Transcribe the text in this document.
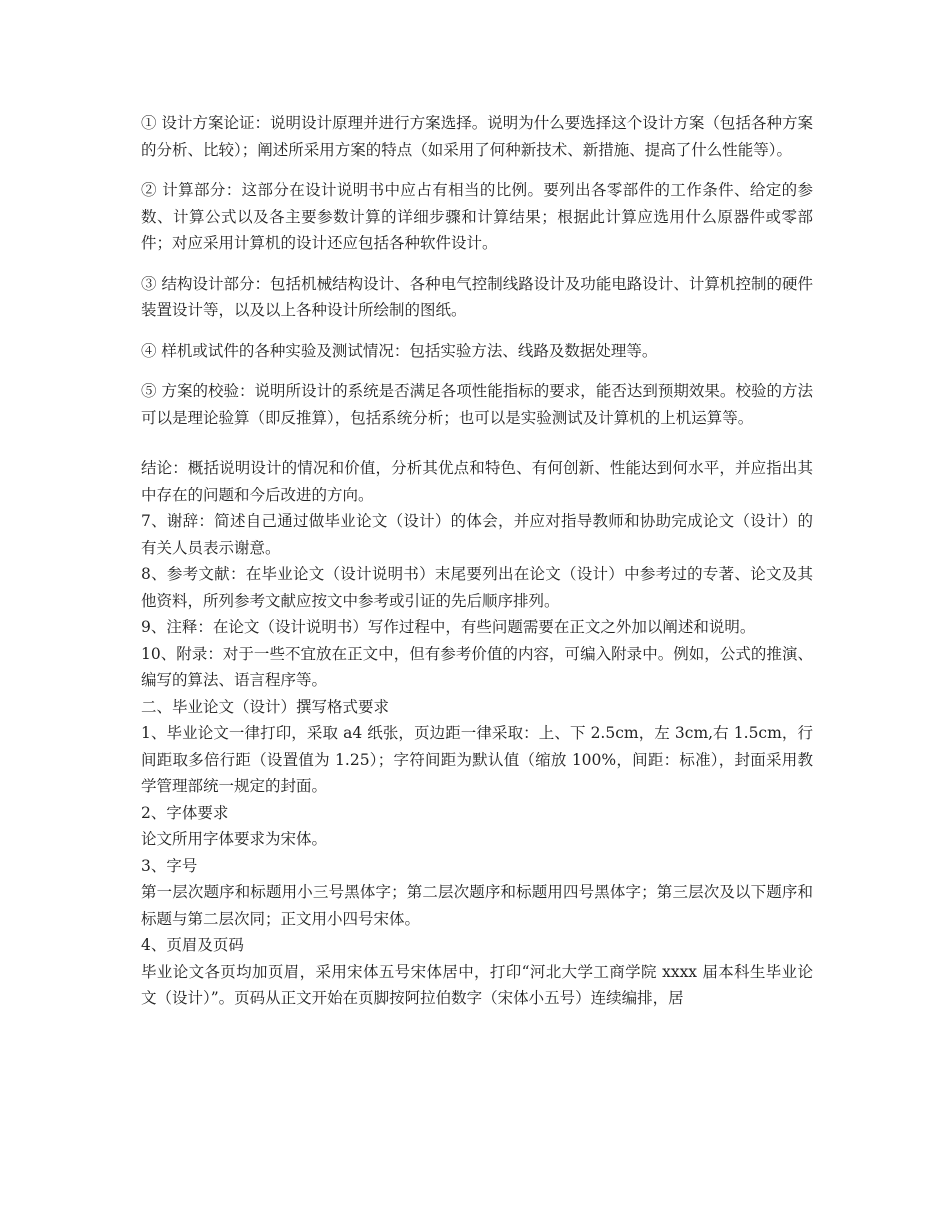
① 设计方案论证：说明设计原理并进行方案选择。说明为什么要选择这个设计方案（包括各种方案的分析、比较）；阐述所采用方案的特点（如采用了何种新技术、新措施、提高了什么性能等）。

② 计算部分：这部分在设计说明书中应占有相当的比例。要列出各零部件的工作条件、给定的参数、计算公式以及各主要参数计算的详细步骤和计算结果；根据此计算应选用什么原器件或零部件；对应采用计算机的设计还应包括各种软件设计。

③ 结构设计部分：包括机械结构设计、各种电气控制线路设计及功能电路设计、计算机控制的硬件装置设计等，以及以上各种设计所绘制的图纸。

④ 样机或试件的各种实验及测试情况：包括实验方法、线路及数据处理等。

⑤ 方案的校验：说明所设计的系统是否满足各项性能指标的要求，能否达到预期效果。校验的方法可以是理论验算（即反推算），包括系统分析；也可以是实验测试及计算机的上机运算等。

结论：概括说明设计的情况和价值，分析其优点和特色、有何创新、性能达到何水平，并应指出其中存在的问题和今后改进的方向。

7、谢辞：简述自己通过做毕业论文（设计）的体会，并应对指导教师和协助完成论文（设计）的有关人员表示谢意。

8、参考文献：在毕业论文（设计说明书）末尾要列出在论文（设计）中参考过的专著、论文及其他资料，所列参考文献应按文中参考或引证的先后顺序排列。

9、注释：在论文（设计说明书）写作过程中，有些问题需要在正文之外加以阐述和说明。

10、附录：对于一些不宜放在正文中，但有参考价值的内容，可编入附录中。例如，公式的推演、编写的算法、语言程序等。

二、毕业论文（设计）撰写格式要求

1、毕业论文一律打印，采取 a4 纸张，页边距一律采取：上、下 2.5cm，左 3cm,右 1.5cm，行间距取多倍行距（设置值为 1.25）；字符间距为默认值（缩放 100%，间距：标准），封面采用教学管理部统一规定的封面。

2、字体要求

论文所用字体要求为宋体。

3、字号

第一层次题序和标题用小三号黑体字；第二层次题序和标题用四号黑体字；第三层次及以下题序和标题与第二层次同；正文用小四号宋体。

4、页眉及页码

毕业论文各页均加页眉，采用宋体五号宋体居中，打印“河北大学工商学院 xxxx 届本科生毕业论文（设计）”。页码从正文开始在页脚按阿拉伯数字（宋体小五号）连续编排，居
